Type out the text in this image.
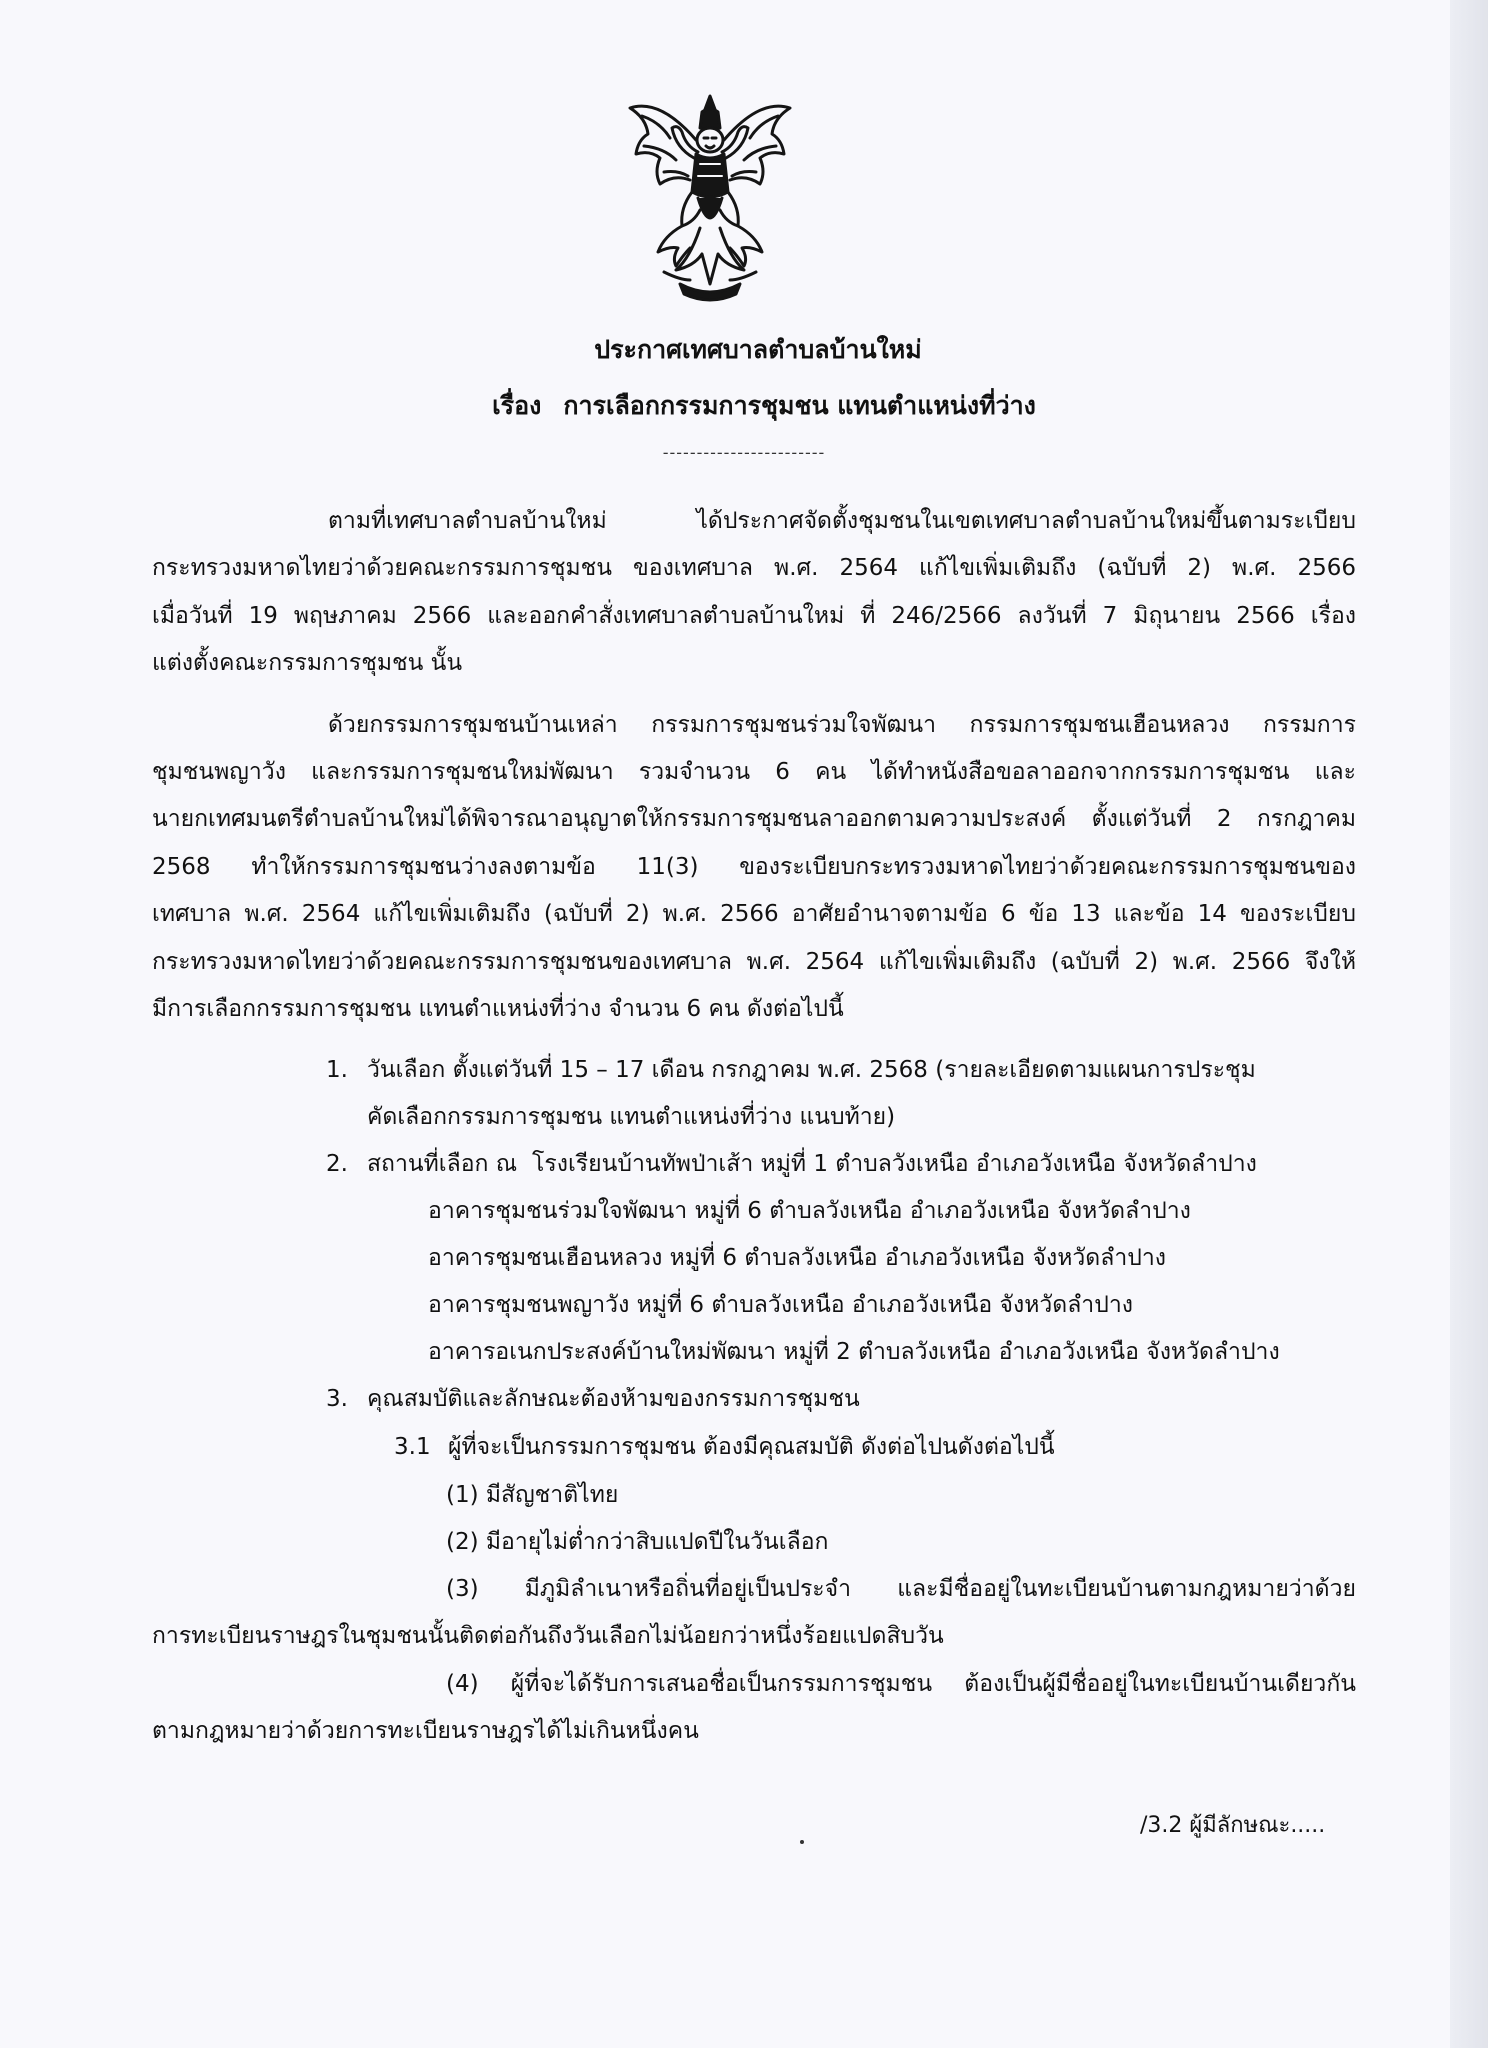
ประกาศเทศบาลตำบลบ้านใหม่
เรื่อง การเลือกกรรมการชุมชน แทนตำแหน่งที่ว่าง
------------------------
ตามที่เทศบาลตำบลบ้านใหม่ ได้ประกาศจัดตั้งชุมชนในเขตเทศบาลตำบลบ้านใหม่ขึ้นตามระเบียบ
กระทรวงมหาดไทยว่าด้วยคณะกรรมการชุมชน ของเทศบาล พ.ศ. 2564 แก้ไขเพิ่มเติมถึง (ฉบับที่ 2) พ.ศ. 2566
เมื่อวันที่ 19 พฤษภาคม 2566 และออกคำสั่งเทศบาลตำบลบ้านใหม่ ที่ 246/2566 ลงวันที่ 7 มิถุนายน 2566 เรื่อง
แต่งตั้งคณะกรรมการชุมชน นั้น
ด้วยกรรมการชุมชนบ้านเหล่า กรรมการชุมชนร่วมใจพัฒนา กรรมการชุมชนเฮือนหลวง กรรมการ
ชุมชนพญาวัง และกรรมการชุมชนใหม่พัฒนา รวมจำนวน 6 คน ได้ทำหนังสือขอลาออกจากกรรมการชุมชน และ
นายกเทศมนตรีตำบลบ้านใหม่ได้พิจารณาอนุญาตให้กรรมการชุมชนลาออกตามความประสงค์ ตั้งแต่วันที่ 2 กรกฎาคม
2568 ทำให้กรรมการชุมชนว่างลงตามข้อ 11(3) ของระเบียบกระทรวงมหาดไทยว่าด้วยคณะกรรมการชุมชนของ
เทศบาล พ.ศ. 2564 แก้ไขเพิ่มเติมถึง (ฉบับที่ 2) พ.ศ. 2566 อาศัยอำนาจตามข้อ 6 ข้อ 13 และข้อ 14 ของระเบียบ
กระทรวงมหาดไทยว่าด้วยคณะกรรมการชุมชนของเทศบาล พ.ศ. 2564 แก้ไขเพิ่มเติมถึง (ฉบับที่ 2) พ.ศ. 2566 จึงให้
มีการเลือกกรรมการชุมชน แทนตำแหน่งที่ว่าง จำนวน 6 คน ดังต่อไปนี้
1. วันเลือก ตั้งแต่วันที่ 15 – 17 เดือน กรกฎาคม พ.ศ. 2568 (รายละเอียดตามแผนการประชุม
คัดเลือกกรรมการชุมชน แทนตำแหน่งที่ว่าง แนบท้าย)
2. สถานที่เลือก ณ โรงเรียนบ้านทัพป่าเส้า หมู่ที่ 1 ตำบลวังเหนือ อำเภอวังเหนือ จังหวัดลำปาง
อาคารชุมชนร่วมใจพัฒนา หมู่ที่ 6 ตำบลวังเหนือ อำเภอวังเหนือ จังหวัดลำปาง
อาคารชุมชนเฮือนหลวง หมู่ที่ 6 ตำบลวังเหนือ อำเภอวังเหนือ จังหวัดลำปาง
อาคารชุมชนพญาวัง หมู่ที่ 6 ตำบลวังเหนือ อำเภอวังเหนือ จังหวัดลำปาง
อาคารอเนกประสงค์บ้านใหม่พัฒนา หมู่ที่ 2 ตำบลวังเหนือ อำเภอวังเหนือ จังหวัดลำปาง
3. คุณสมบัติและลักษณะต้องห้ามของกรรมการชุมชน
3.1 ผู้ที่จะเป็นกรรมการชุมชน ต้องมีคุณสมบัติ ดังต่อไปนดังต่อไปนี้
(1) มีสัญชาติไทย
(2) มีอายุไม่ต่ำกว่าสิบแปดปีในวันเลือก
(3) มีภูมิลำเนาหรือถิ่นที่อยู่เป็นประจำ และมีชื่ออยู่ในทะเบียนบ้านตามกฎหมายว่าด้วย
การทะเบียนราษฎรในชุมชนนั้นติดต่อกันถึงวันเลือกไม่น้อยกว่าหนึ่งร้อยแปดสิบวัน
(4) ผู้ที่จะได้รับการเสนอชื่อเป็นกรรมการชุมชน ต้องเป็นผู้มีชื่ออยู่ในทะเบียนบ้านเดียวกัน
ตามกฎหมายว่าด้วยการทะเบียนราษฎรได้ไม่เกินหนึ่งคน
/3.2 ผู้มีลักษณะ.....
